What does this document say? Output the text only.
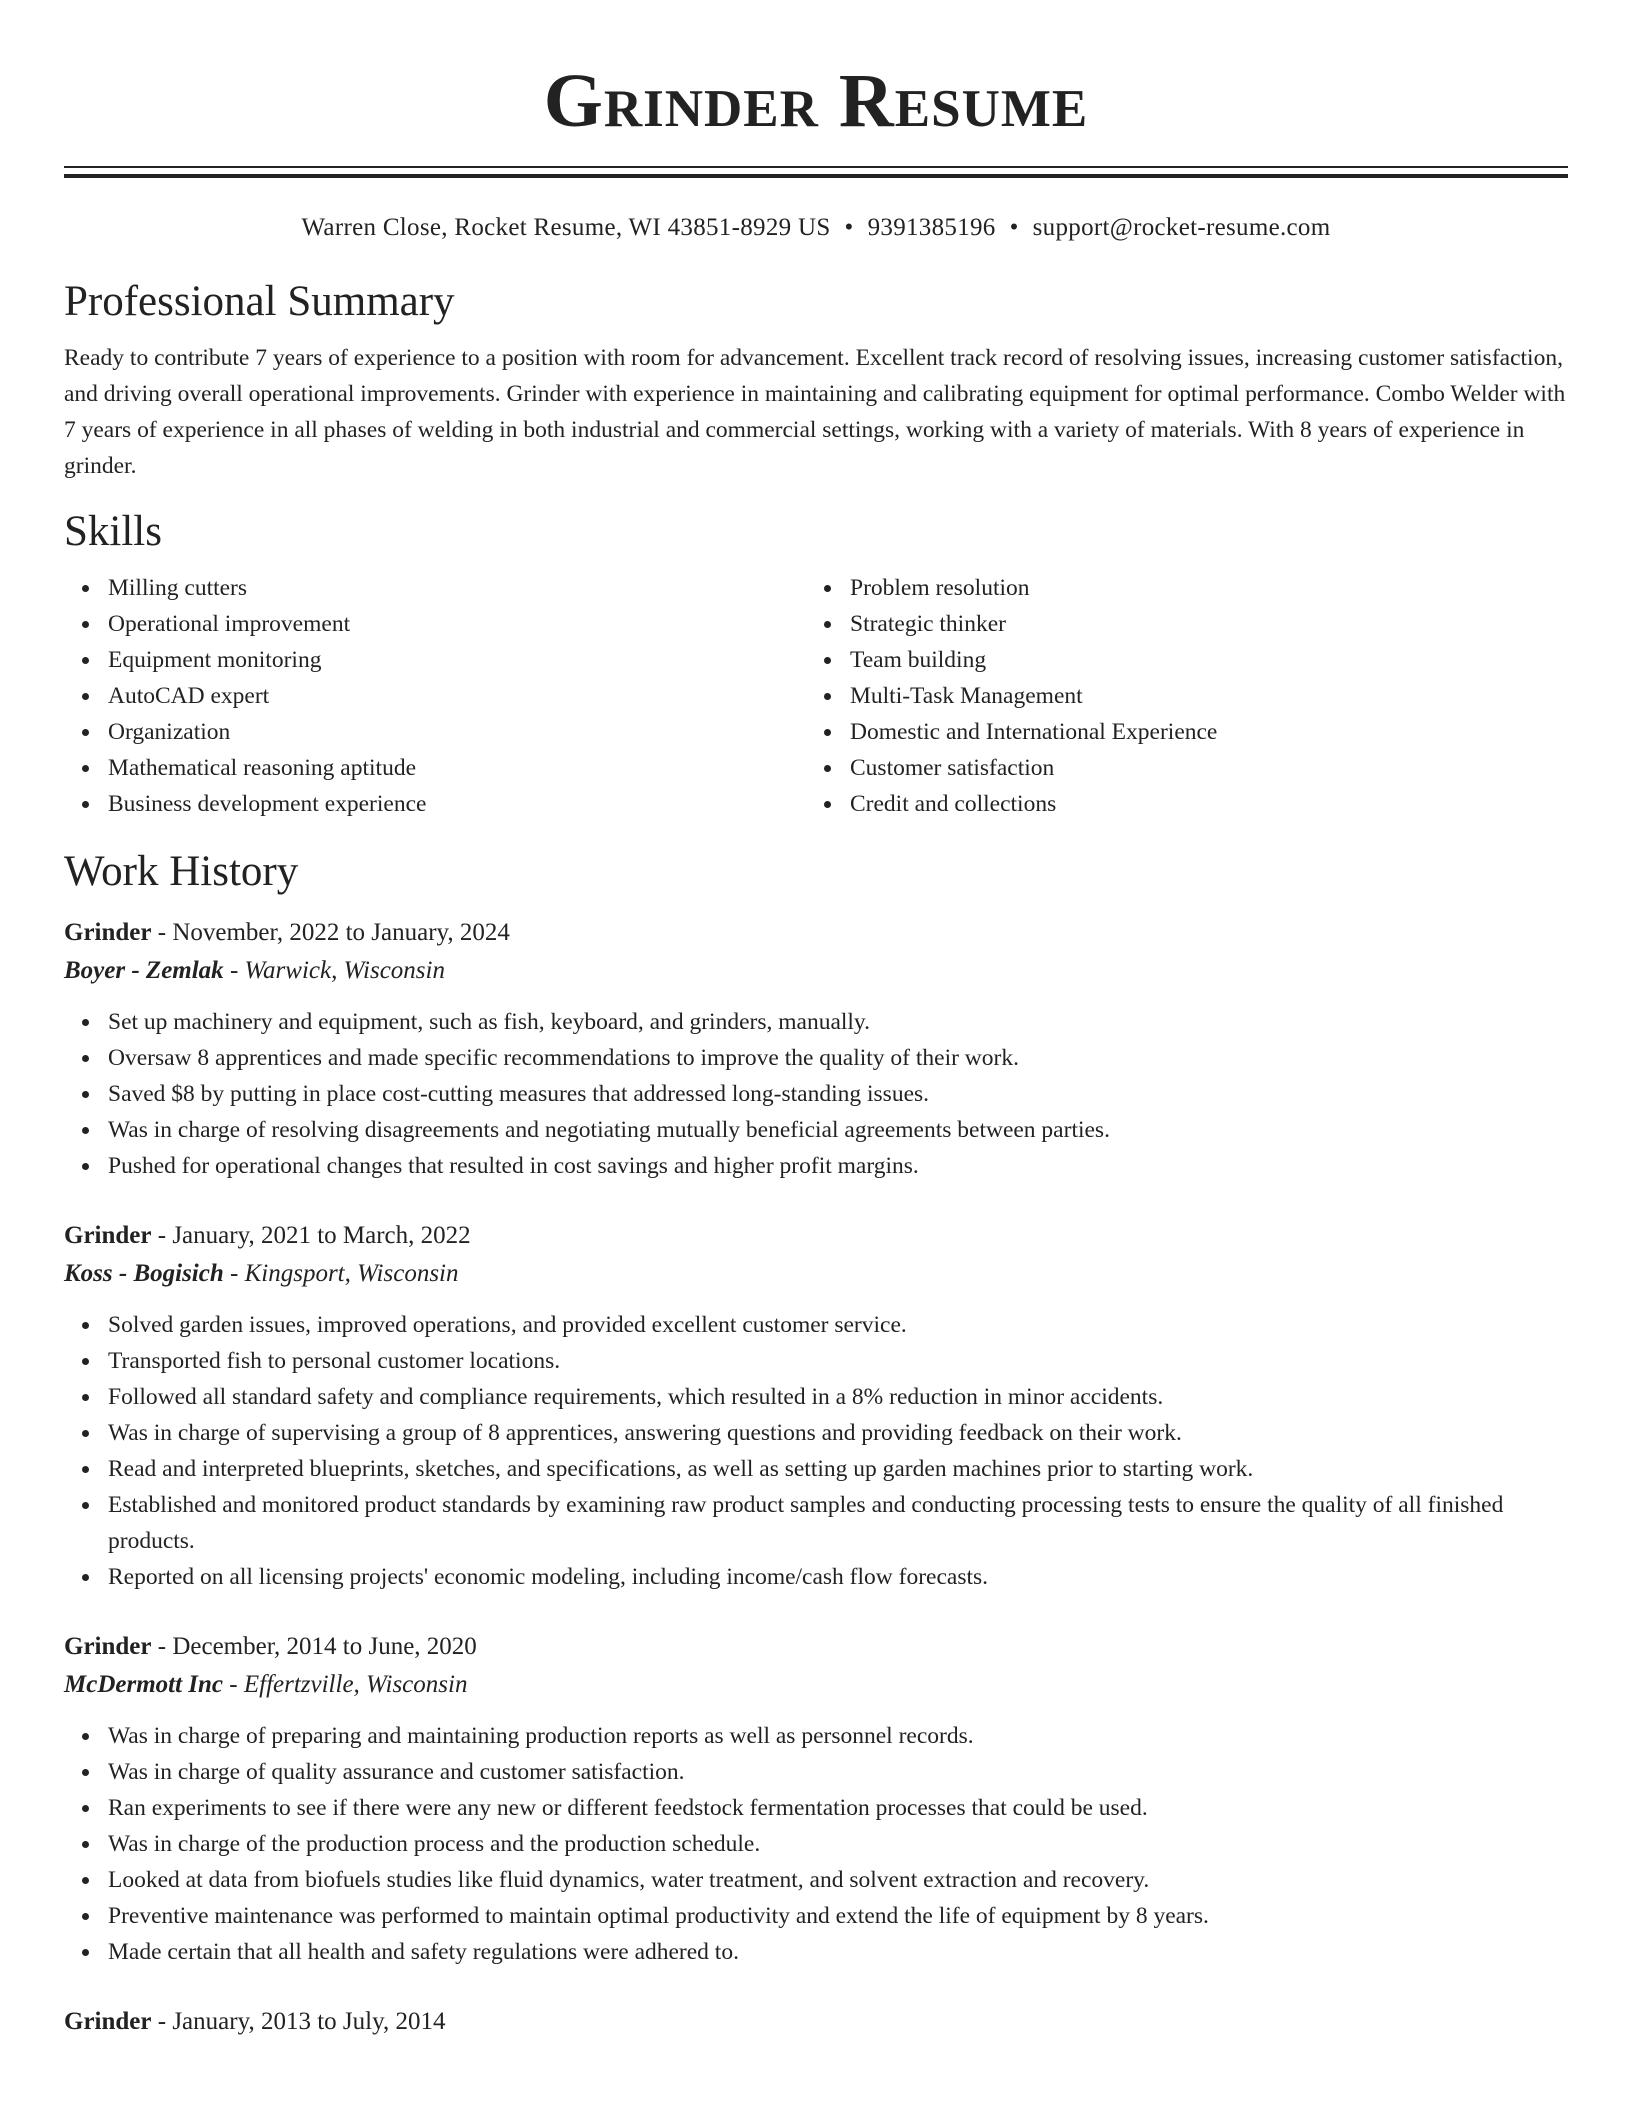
Grinder Resume
Warren Close, Rocket Resume, WI 43851-8929 US • 9391385196 • support@rocket-resume.com
Professional Summary
Ready to contribute 7 years of experience to a position with room for advancement. Excellent track record of resolving issues, increasing customer satisfaction, and driving overall operational improvements. Grinder with experience in maintaining and calibrating equipment for optimal performance. Combo Welder with 7 years of experience in all phases of welding in both industrial and commercial settings, working with a variety of materials. With 8 years of experience in grinder.
Skills
Milling cutters
Operational improvement
Equipment monitoring
AutoCAD expert
Organization
Mathematical reasoning aptitude
Business development experience
Problem resolution
Strategic thinker
Team building
Multi-Task Management
Domestic and International Experience
Customer satisfaction
Credit and collections
Work History
Grinder - November, 2022 to January, 2024
Boyer - Zemlak - Warwick, Wisconsin
Set up machinery and equipment, such as fish, keyboard, and grinders, manually.
Oversaw 8 apprentices and made specific recommendations to improve the quality of their work.
Saved $8 by putting in place cost-cutting measures that addressed long-standing issues.
Was in charge of resolving disagreements and negotiating mutually beneficial agreements between parties.
Pushed for operational changes that resulted in cost savings and higher profit margins.
Grinder - January, 2021 to March, 2022
Koss - Bogisich - Kingsport, Wisconsin
Solved garden issues, improved operations, and provided excellent customer service.
Transported fish to personal customer locations.
Followed all standard safety and compliance requirements, which resulted in a 8% reduction in minor accidents.
Was in charge of supervising a group of 8 apprentices, answering questions and providing feedback on their work.
Read and interpreted blueprints, sketches, and specifications, as well as setting up garden machines prior to starting work.
Established and monitored product standards by examining raw product samples and conducting processing tests to ensure the quality of all finished products.
Reported on all licensing projects' economic modeling, including income/cash flow forecasts.
Grinder - December, 2014 to June, 2020
McDermott Inc - Effertzville, Wisconsin
Was in charge of preparing and maintaining production reports as well as personnel records.
Was in charge of quality assurance and customer satisfaction.
Ran experiments to see if there were any new or different feedstock fermentation processes that could be used.
Was in charge of the production process and the production schedule.
Looked at data from biofuels studies like fluid dynamics, water treatment, and solvent extraction and recovery.
Preventive maintenance was performed to maintain optimal productivity and extend the life of equipment by 8 years.
Made certain that all health and safety regulations were adhered to.
Grinder - January, 2013 to July, 2014
